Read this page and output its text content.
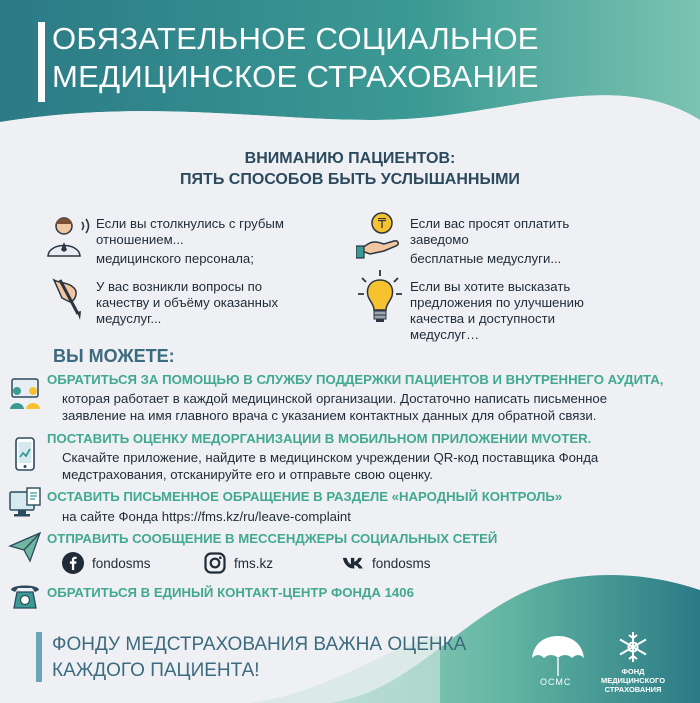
ОБЯЗАТЕЛЬНОЕ СОЦИАЛЬНОЕ
МЕДИЦИНСКОЕ СТРАХОВАНИЕ
ВНИМАНИЮ ПАЦИЕНТОВ:
ПЯТЬ СПОСОБОВ БЫТЬ УСЛЫШАННЫМИ
Если вы столкнулись с грубым
отношением...
медицинского персонала;
₸ Если вас просят оплатить
заведомо
бесплатные медуслуги...
У вас возникли вопросы по
качеству и объёму оказанных
медуслуг...
Если вы хотите высказать
предложения по улучшению
качества и доступности
медуслуг…
ВЫ МОЖЕТЕ:
ОБРАТИТЬСЯ ЗА ПОМОЩЬЮ В СЛУЖБУ ПОДДЕРЖКИ ПАЦИЕНТОВ И ВНУТРЕННЕГО АУДИТА,
которая работает в каждой медицинской организации. Достаточно написать письменное
заявление на имя главного врача с указанием контактных данных для обратной связи.
ПОСТАВИТЬ ОЦЕНКУ МЕДОРГАНИЗАЦИИ В МОБИЛЬНОМ ПРИЛОЖЕНИИ MVOTER.
Скачайте приложение, найдите в медицинском учреждении QR-код поставщика Фонда
медстрахования, отсканируйте его и отправьте свою оценку.
ОСТАВИТЬ ПИСЬМЕННОЕ ОБРАЩЕНИЕ В РАЗДЕЛЕ «НАРОДНЫЙ КОНТРОЛЬ»
на сайте Фонда https://fms.kz/ru/leave-complaint
ОТПРАВИТЬ СООБЩЕНИЕ В МЕССЕНДЖЕРЫ СОЦИАЛЬНЫХ СЕТЕЙ
fondosms	fms.kz	fondosms
ОБРАТИТЬСЯ В ЕДИНЫЙ КОНТАКТ-ЦЕНТР ФОНДА 1406
ФОНДУ МЕДСТРАХОВАНИЯ ВАЖНА ОЦЕНКА
КАЖДОГО ПАЦИЕНТА!
ОСМС
ФОНД
МЕДИЦИНСКОГО
СТРАХОВАНИЯ
